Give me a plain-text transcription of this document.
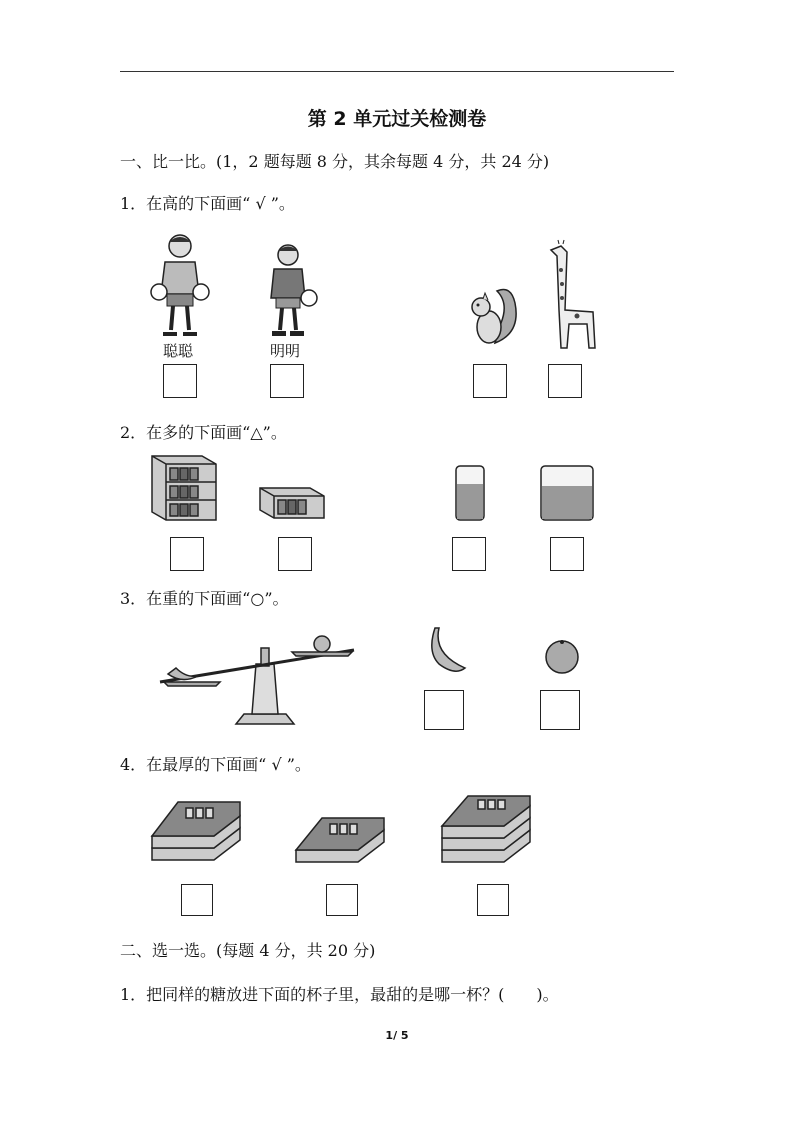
第 2 单元过关检测卷
一、比一比。(1，2 题每题 8 分，其余每题 4 分，共 24 分)
1．在高的下面画“ √ ”。
聪聪	明明
2．在多的下面画“△”。
3．在重的下面画“○”。
4．在最厚的下面画“ √ ”。
二、选一选。(每题 4 分，共 20 分)
1．把同样的糖放进下面的杯子里，最甜的是哪一杯？(　　)。
1/ 5
